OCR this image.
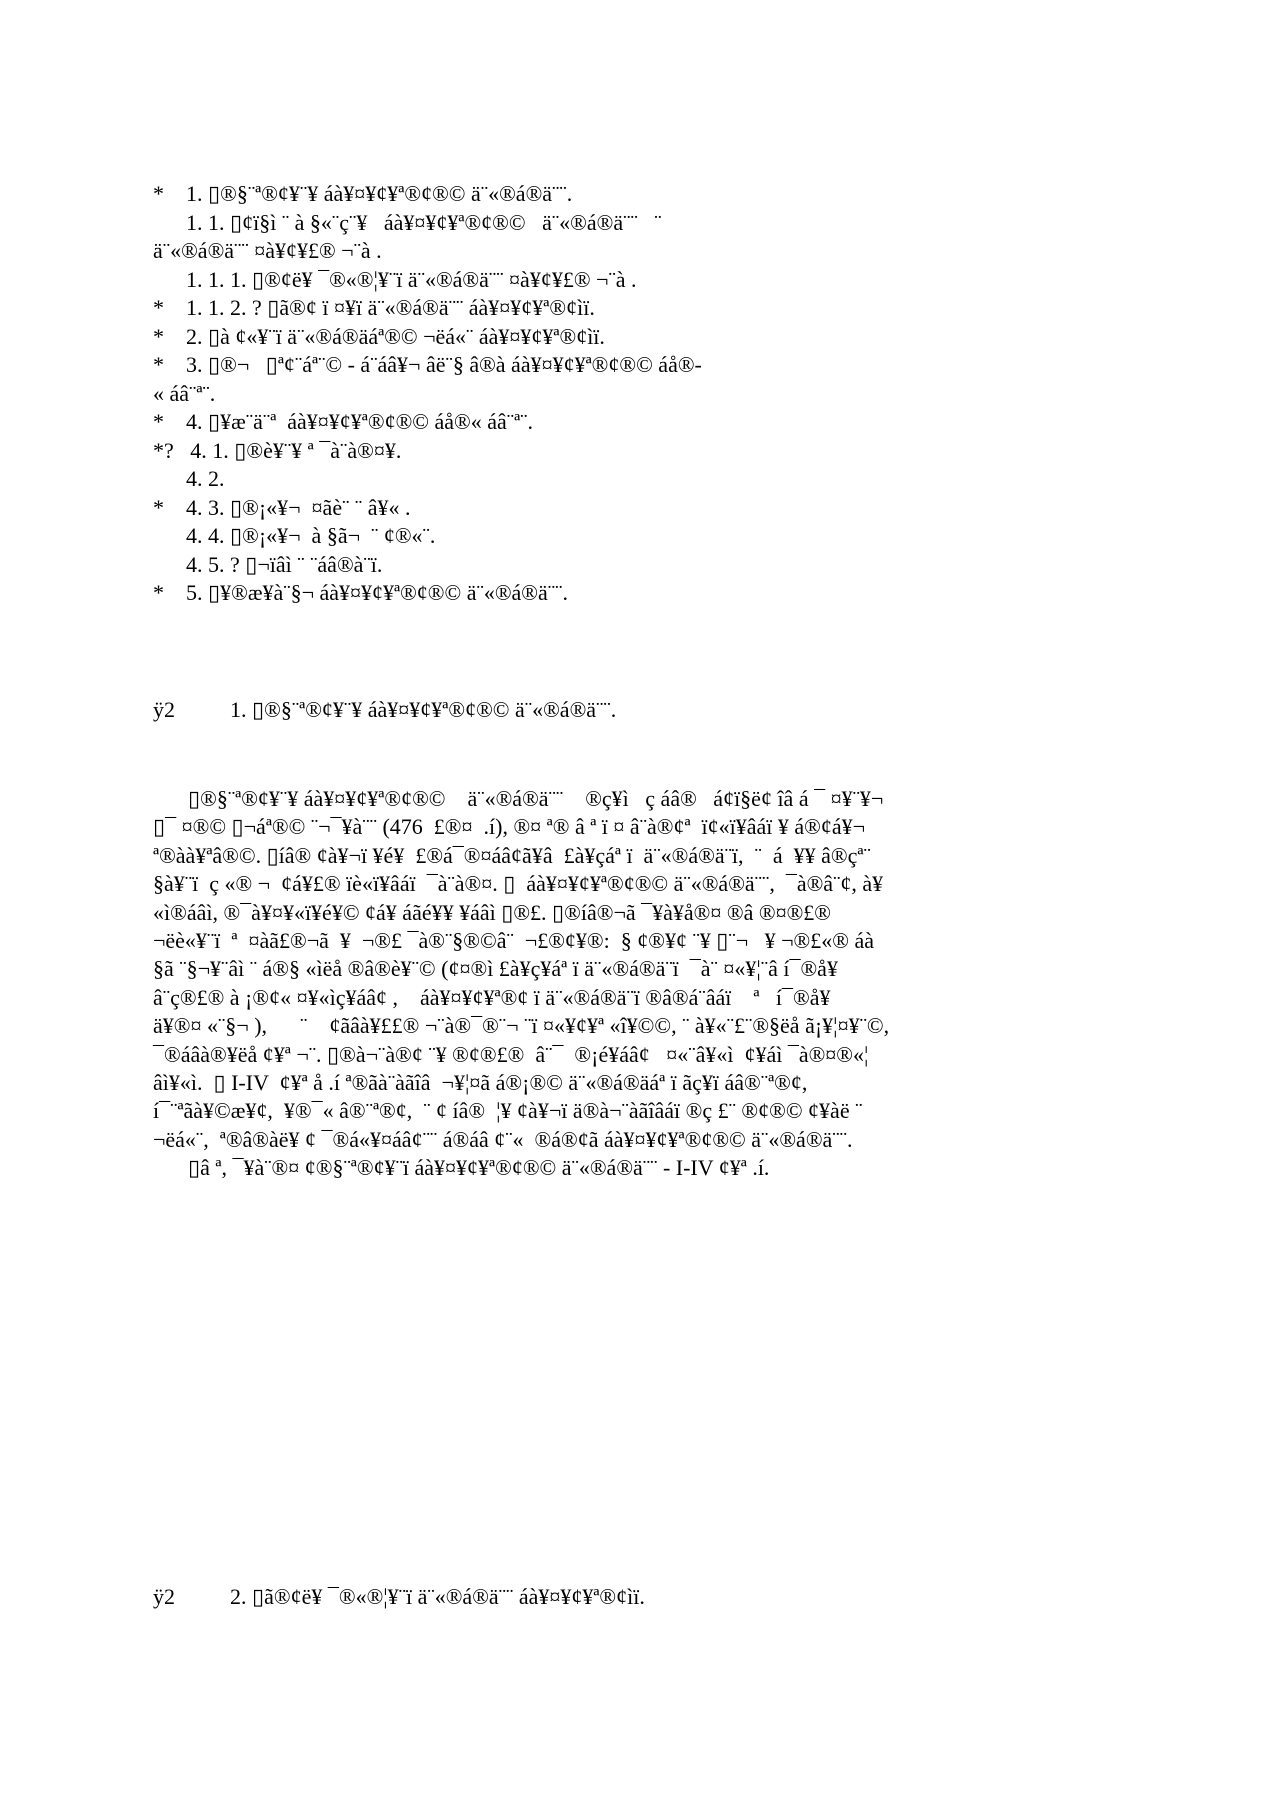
*    1. ▯®§¨ª®¢¥¨¥ áà¥¤¥¢¥ª®¢®© ä¨«®á®ä¨¨.

1. 1. ▯¢ï§ì ¨ à §«¨ç¨¥   áà¥¤¥¢¥ª®¢®©   ä¨«®á®ä¨¨   ¨

ä¨«®á®ä¨¨ ¤à¥¢¥£® ¬¨à .

1. 1. 1. ▯®¢ë¥ ¯®«®¦¥¨ï ä¨«®á®ä¨¨ ¤à¥¢¥£® ¬¨à .

*    1. 1. 2. ? ▯ã®¢ ï ¤¥ï ä¨«®á®ä¨¨ áà¥¤¥¢¥ª®¢ìï.

*    2. ▯à ¢«¥¨ï ä¨«®á®äáª®© ¬ëá«¨ áà¥¤¥¢¥ª®¢ìï.

*    3. ▯®¬   ▯ª¢¨áª¨© - á¨áâ¥¬ âë¨§ â®à áà¥¤¥¢¥ª®¢®© áå®-

« áâ¨ª¨.

*    4. ▯¥æ¨ä¨ª  áà¥¤¥¢¥ª®¢®© áå®« áâ¨ª¨.

*?   4. 1. ▯®è¥¨¥ ª ¯à¨à®¤¥.

4. 2.

*    4. 3. ▯®¡«¥¬  ¤ãè¨ ¨ â¥« .

4. 4. ▯®¡«¥¬  à §ã¬  ¨ ¢®«¨.

4. 5. ? ▯¬ïâì ¨ ¨áâ®à¨ï.

*    5. ▯¥®æ¥à¨§¬ áà¥¤¥¢¥ª®¢®© ä¨«®á®ä¨¨.

ÿ2          1. ▯®§¨ª®¢¥¨¥ áà¥¤¥¢¥ª®¢®© ä¨«®á®ä¨¨.

▯®§¨ª®¢¥¨¥ áà¥¤¥¢¥ª®¢®©    ä¨«®á®ä¨¨    ®ç¥ì   ç áâ®   á¢ï§ë¢ îâ á ¯ ¤¥¨¥¬ ▯¯ ¤®© ▯¬áª®© ¨¬¯¥à¨¨ (476  £®¤  .í), ®¤ ª® â ª ï ¤ â¨à®¢ª  ï¢«ï¥âáï ¥ á®¢á¥¬  ª®àà¥ªâ®©. ▯íâ® ¢à¥¬ï ¥é¥  £®á¯®¤áâ¢ã¥â  £à¥çáª ï  ä¨«®á®ä¨ï,  ¨  á  ¥¥ â®çª¨ §à¥¨ï  ç «® ¬  ¢á¥£® ïè«ï¥âáï  ¯à¨à®¤. ▯  áà¥¤¥¢¥ª®¢®© ä¨«®á®ä¨¨,  ¯à®â¨¢, à¥ «ì®áâì, ®¯à¥¤¥«ï¥é¥© ¢á¥ áãé¥¥ ¥áâì ▯®£. ▯®íâ®¬ã ¯¥à¥å®¤ ®â ®¤®£® ¬ëè«¥¨ï  ª  ¤àã£®¬ã  ¥  ¬®£ ¯à®¨§®©â¨  ¬£®¢¥®:  § ¢®¥¢ ¨¥ ▯¨¬   ¥ ¬®£«® áà §ã ¨§¬¥¨âì ¨ á®§ «ìëå ®â®è¥¨© (¢¤®ì £à¥ç¥áª ï ä¨«®á®ä¨ï  ¯à¨ ¤«¥¦¨â í¯®å¥   â¨ç®£® à ¡®¢« ¤¥«ìç¥áâ¢ ,    áà¥¤¥¢¥ª®¢ ï ä¨«®á®ä¨ï ®â®á¨âáï    ª   í¯®å¥    ä¥®¤ «¨§¬ ),      ¨    ¢ãâà¥££® ¬¨à®¯®¨¬ ¨ï ¤«¥¢¥ª «î¥©©, ¨ à¥«¨£¨®§ëå ã¡¥¦¤¥¨©, ¯®áâà®¥ëå ¢¥ª ¬¨. ▯®à¬¨à®¢ ¨¥ ®¢®£®  â¨¯  ®¡é¥áâ¢   ¤«¨â¥«ì  ¢¥áì ¯à®¤®«¦ âì¥«ì.  ▯ I-IV  ¢¥ª å .í ª®ãà¨àãîâ  ¬¥¦¤ã á®¡®© ä¨«®á®äáª ï ãç¥ï áâ®¨ª®¢,  í¯¨ªãà¥©æ¥¢,  ¥®¯« â®¨ª®¢,  ¨ ¢ íâ®  ¦¥ ¢à¥¬ï ä®à¬¨àãîâáï ®ç £¨ ®¢®© ¢¥àë ¨ ¬ëá«¨,  ª®â®àë¥ ¢ ¯®á«¥¤áâ¢¨¨ á®áâ ¢¨«  ®á®¢ã áà¥¤¥¢¥ª®¢®© ä¨«®á®ä¨¨.

▯â ª, ¯¥à¨®¤ ¢®§¨ª®¢¥¨ï áà¥¤¥¢¥ª®¢®© ä¨«®á®ä¨¨ - I-IV ¢¥ª .í.

ÿ2          2. ▯ã®¢ë¥ ¯®«®¦¥¨ï ä¨«®á®ä¨¨ áà¥¤¥¢¥ª®¢ìï.
